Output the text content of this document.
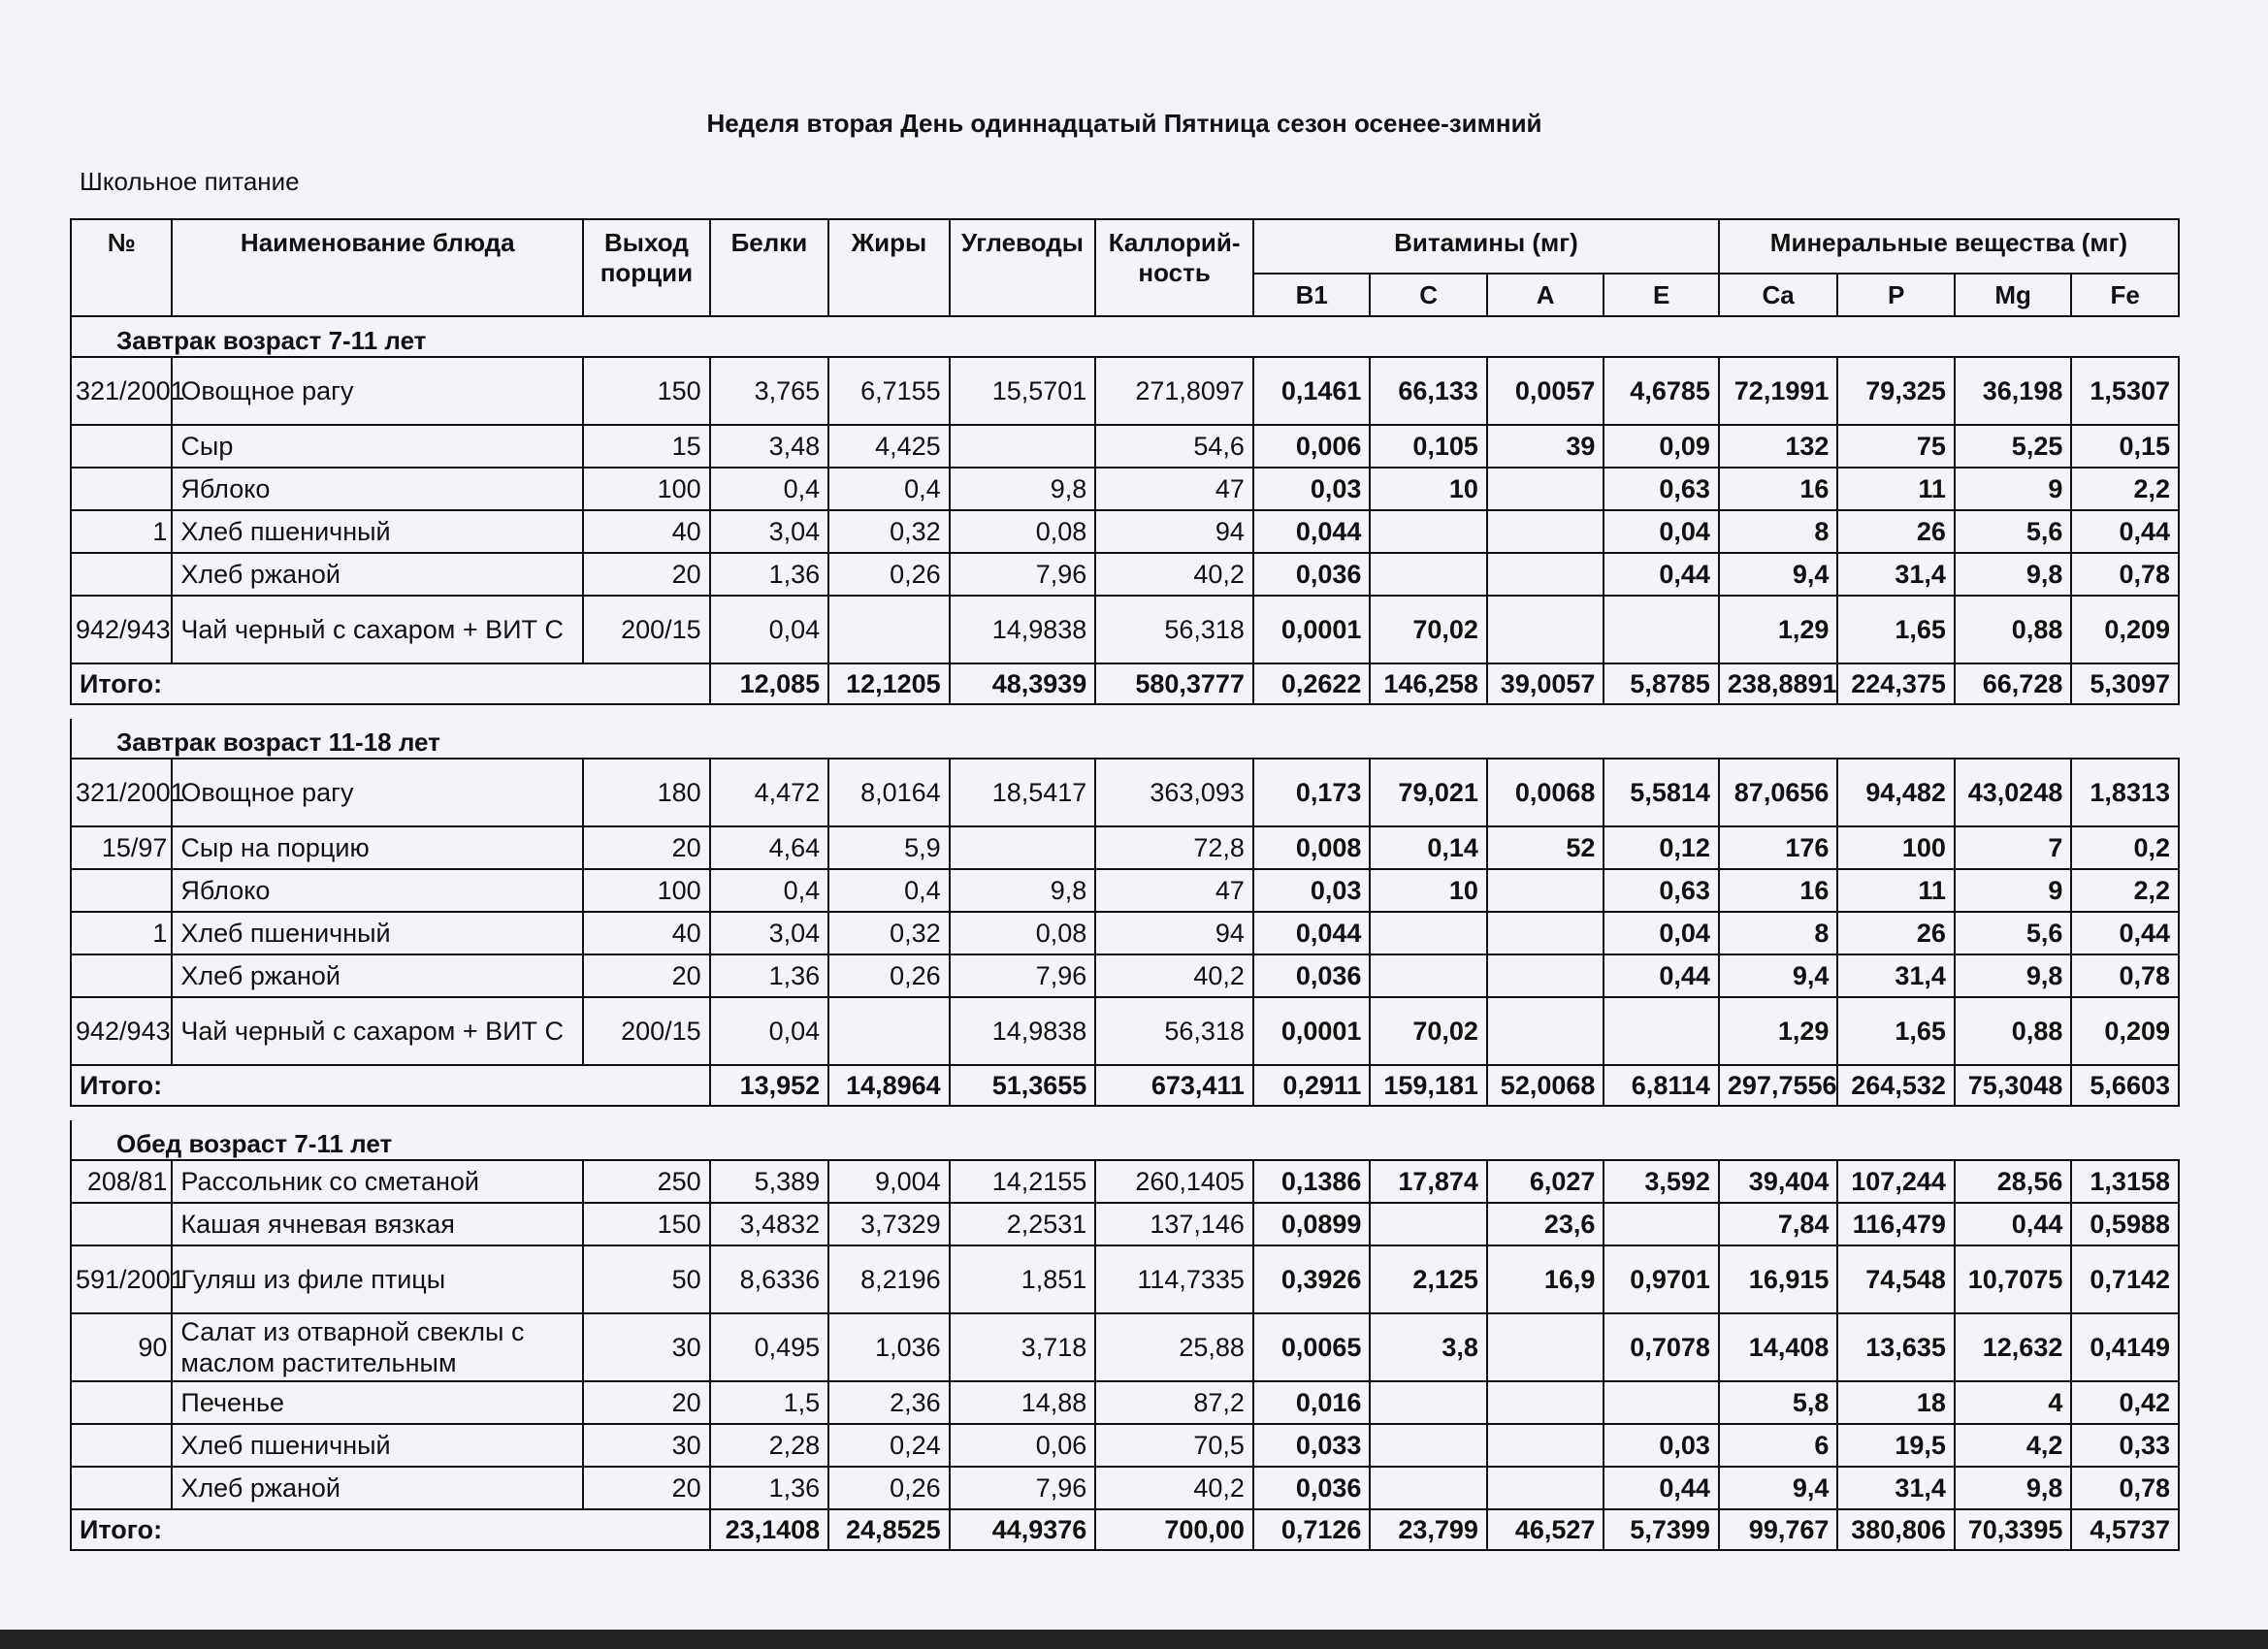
Неделя вторая День одиннадцатый Пятница сезон осенее-зимний
Школьное питание
№	Наименование блюда	Выход порции	Белки	Жиры	Углеводы	Каллорий-ность	Витамины (мг)				Минеральные вещества (мг)			
							B1	C	A	E	Ca	P	Mg	Fe
Завтрак возраст 7-11 лет														
321/2001	Овощное рагу	150	3,765	6,7155	15,5701	271,8097	0,1461	66,133	0,0057	4,6785	72,1991	79,325	36,198	1,5307
	Сыр	15	3,48	4,425		54,6	0,006	0,105	39	0,09	132	75	5,25	0,15
	Яблоко	100	0,4	0,4	9,8	47	0,03	10		0,63	16	11	9	2,2
1	Хлеб пшеничный	40	3,04	0,32	0,08	94	0,044			0,04	8	26	5,6	0,44
	Хлеб ржаной	20	1,36	0,26	7,96	40,2	0,036			0,44	9,4	31,4	9,8	0,78
942/943	Чай черный с сахаром + ВИТ С	200/15	0,04		14,9838	56,318	0,0001	70,02			1,29	1,65	0,88	0,209
Итого:			12,085	12,1205	48,3939	580,3777	0,2622	146,258	39,0057	5,8785	238,8891	224,375	66,728	5,3097

Завтрак возраст 11-18 лет														
321/2001	Овощное рагу	180	4,472	8,0164	18,5417	363,093	0,173	79,021	0,0068	5,5814	87,0656	94,482	43,0248	1,8313
15/97	Сыр на порцию	20	4,64	5,9		72,8	0,008	0,14	52	0,12	176	100	7	0,2
	Яблоко	100	0,4	0,4	9,8	47	0,03	10		0,63	16	11	9	2,2
1	Хлеб пшеничный	40	3,04	0,32	0,08	94	0,044			0,04	8	26	5,6	0,44
	Хлеб ржаной	20	1,36	0,26	7,96	40,2	0,036			0,44	9,4	31,4	9,8	0,78
942/943	Чай черный с сахаром + ВИТ С	200/15	0,04		14,9838	56,318	0,0001	70,02			1,29	1,65	0,88	0,209
Итого:			13,952	14,8964	51,3655	673,411	0,2911	159,181	52,0068	6,8114	297,7556	264,532	75,3048	5,6603

Обед возраст 7-11 лет														
208/81	Рассольник со сметаной	250	5,389	9,004	14,2155	260,1405	0,1386	17,874	6,027	3,592	39,404	107,244	28,56	1,3158
	Кашая ячневая вязкая	150	3,4832	3,7329	2,2531	137,146	0,0899		23,6		7,84	116,479	0,44	0,5988
591/2001	Гуляш из филе птицы	50	8,6336	8,2196	1,851	114,7335	0,3926	2,125	16,9	0,9701	16,915	74,548	10,7075	0,7142
90	Салат из отварной свеклы с маслом растительным	30	0,495	1,036	3,718	25,88	0,0065	3,8		0,7078	14,408	13,635	12,632	0,4149
	Печенье	20	1,5	2,36	14,88	87,2	0,016				5,8	18	4	0,42
	Хлеб пшеничный	30	2,28	0,24	0,06	70,5	0,033			0,03	6	19,5	4,2	0,33
	Хлеб ржаной	20	1,36	0,26	7,96	40,2	0,036			0,44	9,4	31,4	9,8	0,78
Итого:			23,1408	24,8525	44,9376	700,00	0,7126	23,799	46,527	5,7399	99,767	380,806	70,3395	4,5737
